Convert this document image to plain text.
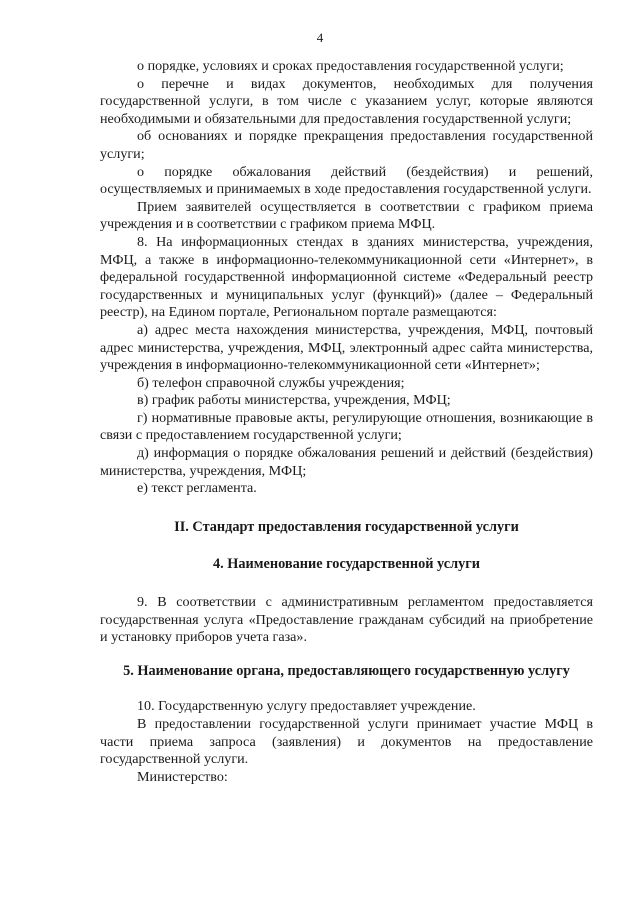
4

о порядке, условиях и сроках предоставления государственной услуги;

о перечне и видах документов, необходимых для получения государственной услуги, в том числе с указанием услуг, которые являются необходимыми и обязательными для предоставления государственной услуги;

об основаниях и порядке прекращения предоставления государственной услуги;

о порядке обжалования действий (бездействия) и решений, осуществляемых и принимаемых в ходе предоставления государственной услуги.

Прием заявителей осуществляется в соответствии с графиком приема учреждения и в соответствии с графиком приема МФЦ.

8. На информационных стендах в зданиях министерства, учреждения, МФЦ, а также в информационно-телекоммуникационной сети «Интернет», в федеральной государственной информационной системе «Федеральный реестр государственных и муниципальных услуг (функций)» (далее – Федеральный реестр), на Едином портале, Региональном портале размещаются:

а) адрес места нахождения министерства, учреждения, МФЦ, почтовый адрес министерства, учреждения, МФЦ, электронный адрес сайта министерства, учреждения в информационно-телекоммуникационной сети «Интернет»;

б) телефон справочной службы учреждения;

в) график работы министерства, учреждения, МФЦ;

г) нормативные правовые акты, регулирующие отношения, возникающие в связи с предоставлением государственной услуги;

д) информация о порядке обжалования решений и действий (бездействия) министерства, учреждения, МФЦ;

е) текст регламента.

II. Стандарт предоставления государственной услуги

4. Наименование государственной услуги

9. В соответствии с административным регламентом предоставляется государственная услуга «Предоставление гражданам субсидий на приобретение и установку приборов учета газа».

5. Наименование органа, предоставляющего государственную услугу

10. Государственную услугу предоставляет учреждение.

В предоставлении государственной услуги принимает участие МФЦ в части приема запроса (заявления) и документов на предоставление государственной услуги.

Министерство:
